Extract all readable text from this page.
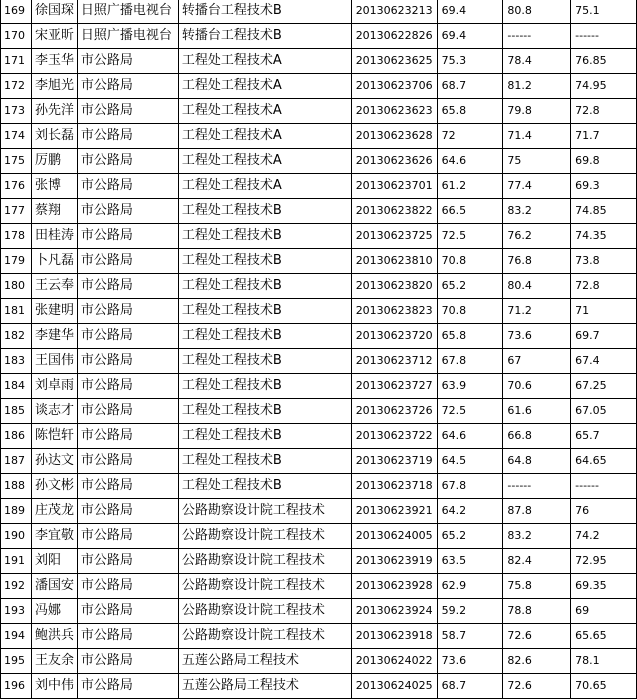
169	徐国琛	日照广播电视台	转播台工程技术B	20130623213	69.4	80.8	75.1
170	宋亚昕	日照广播电视台	转播台工程技术B	20130622826	69.4	------	------
171	李玉华	市公路局	工程处工程技术A	20130623625	75.3	78.4	76.85
172	李旭光	市公路局	工程处工程技术A	20130623706	68.7	81.2	74.95
173	孙先洋	市公路局	工程处工程技术A	20130623623	65.8	79.8	72.8
174	刘长磊	市公路局	工程处工程技术A	20130623628	72	71.4	71.7
175	厉鹏	市公路局	工程处工程技术A	20130623626	64.6	75	69.8
176	张博	市公路局	工程处工程技术A	20130623701	61.2	77.4	69.3
177	蔡翔	市公路局	工程处工程技术B	20130623822	66.5	83.2	74.85
178	田桂涛	市公路局	工程处工程技术B	20130623725	72.5	76.2	74.35
179	卜凡磊	市公路局	工程处工程技术B	20130623810	70.8	76.8	73.8
180	王云奉	市公路局	工程处工程技术B	20130623820	65.2	80.4	72.8
181	张建明	市公路局	工程处工程技术B	20130623823	70.8	71.2	71
182	李建华	市公路局	工程处工程技术B	20130623720	65.8	73.6	69.7
183	王国伟	市公路局	工程处工程技术B	20130623712	67.8	67	67.4
184	刘卓雨	市公路局	工程处工程技术B	20130623727	63.9	70.6	67.25
185	谈志才	市公路局	工程处工程技术B	20130623726	72.5	61.6	67.05
186	陈恺轩	市公路局	工程处工程技术B	20130623722	64.6	66.8	65.7
187	孙达文	市公路局	工程处工程技术B	20130623719	64.5	64.8	64.65
188	孙文彬	市公路局	工程处工程技术B	20130623718	67.8	------	------
189	庄茂龙	市公路局	公路勘察设计院工程技术	20130623921	64.2	87.8	76
190	李宜敬	市公路局	公路勘察设计院工程技术	20130624005	65.2	83.2	74.2
191	刘阳	市公路局	公路勘察设计院工程技术	20130623919	63.5	82.4	72.95
192	潘国安	市公路局	公路勘察设计院工程技术	20130623928	62.9	75.8	69.35
193	冯娜	市公路局	公路勘察设计院工程技术	20130623924	59.2	78.8	69
194	鲍洪兵	市公路局	公路勘察设计院工程技术	20130623918	58.7	72.6	65.65
195	王友余	市公路局	五莲公路局工程技术	20130624022	73.6	82.6	78.1
196	刘中伟	市公路局	五莲公路局工程技术	20130624025	68.7	72.6	70.65
